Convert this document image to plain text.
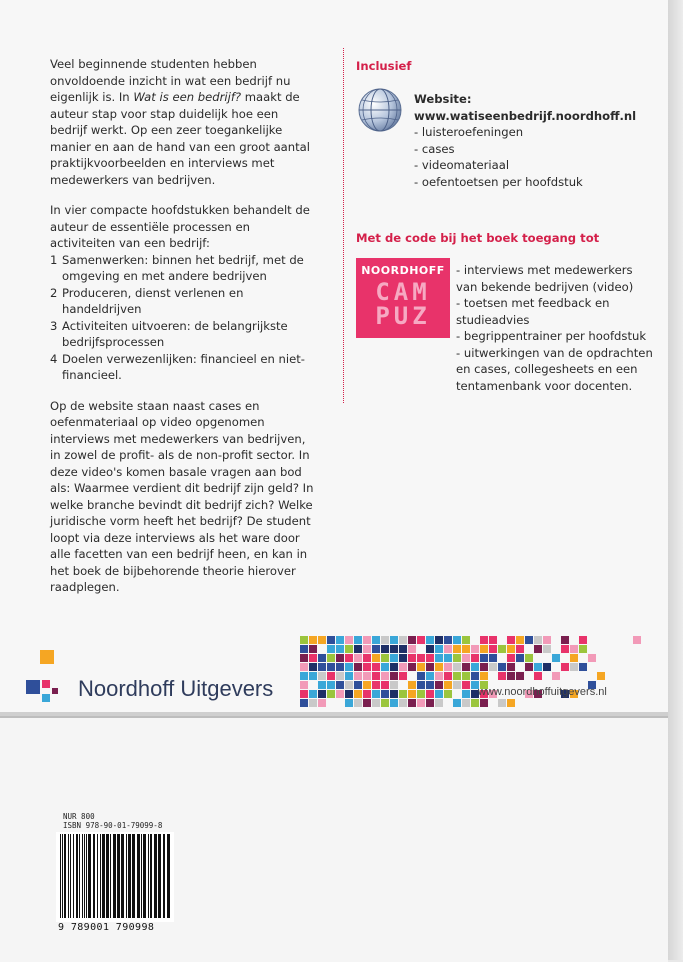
Veel beginnende studenten hebben onvoldoende inzicht in wat een bedrijf nu eigenlijk is. In Wat is een bedrijf? maakt de auteur stap voor stap duidelijk hoe een bedrijf werkt. Op een zeer toegankelijke manier en aan de hand van een groot aantal praktijkvoorbeelden en interviews met medewerkers van bedrijven.

In vier compacte hoofdstukken behandelt de auteur de essentiële processen en activiteiten van een bedrijf:

1 Samenwerken: binnen het bedrijf, met de omgeving en met andere bedrijven
2 Produceren, dienst verlenen en handeldrijven
3 Activiteiten uitvoeren: de belangrijkste bedrijfsprocessen
4 Doelen verwezenlijken: financieel en niet-financieel.

Op de website staan naast cases en oefenmateriaal op video opgenomen interviews met medewerkers van bedrijven, in zowel de profit- als de non-profit sector. In deze video's komen basale vragen aan bod als: Waarmee verdient dit bedrijf zijn geld? In welke branche bevindt dit bedrijf zich? Welke juridische vorm heeft het bedrijf? De student loopt via deze interviews als het ware door alle facetten van een bedrijf heen, en kan in het boek de bijbehorende theorie hierover raadplegen.

Inclusief
Website:
www.watiseenbedrijf.noordhoff.nl
- luisteroefeningen
- cases
- videomateriaal
- oefentoetsen per hoofdstuk
Met de code bij het boek toegang tot
NOORDHOFF
CAM
PUZ
- interviews met medewerkers van bekende bedrijven (video)
- toetsen met feedback en studieadvies
- begrippentrainer per hoofdstuk
- uitwerkingen van de opdrachten en cases, collegesheets en een tentamenbank voor docenten.
Noordhoff Uitgevers	www.noordhoffuitgevers.nl
NUR 800
ISBN 978-90-01-79099-8
9 789001 790998
